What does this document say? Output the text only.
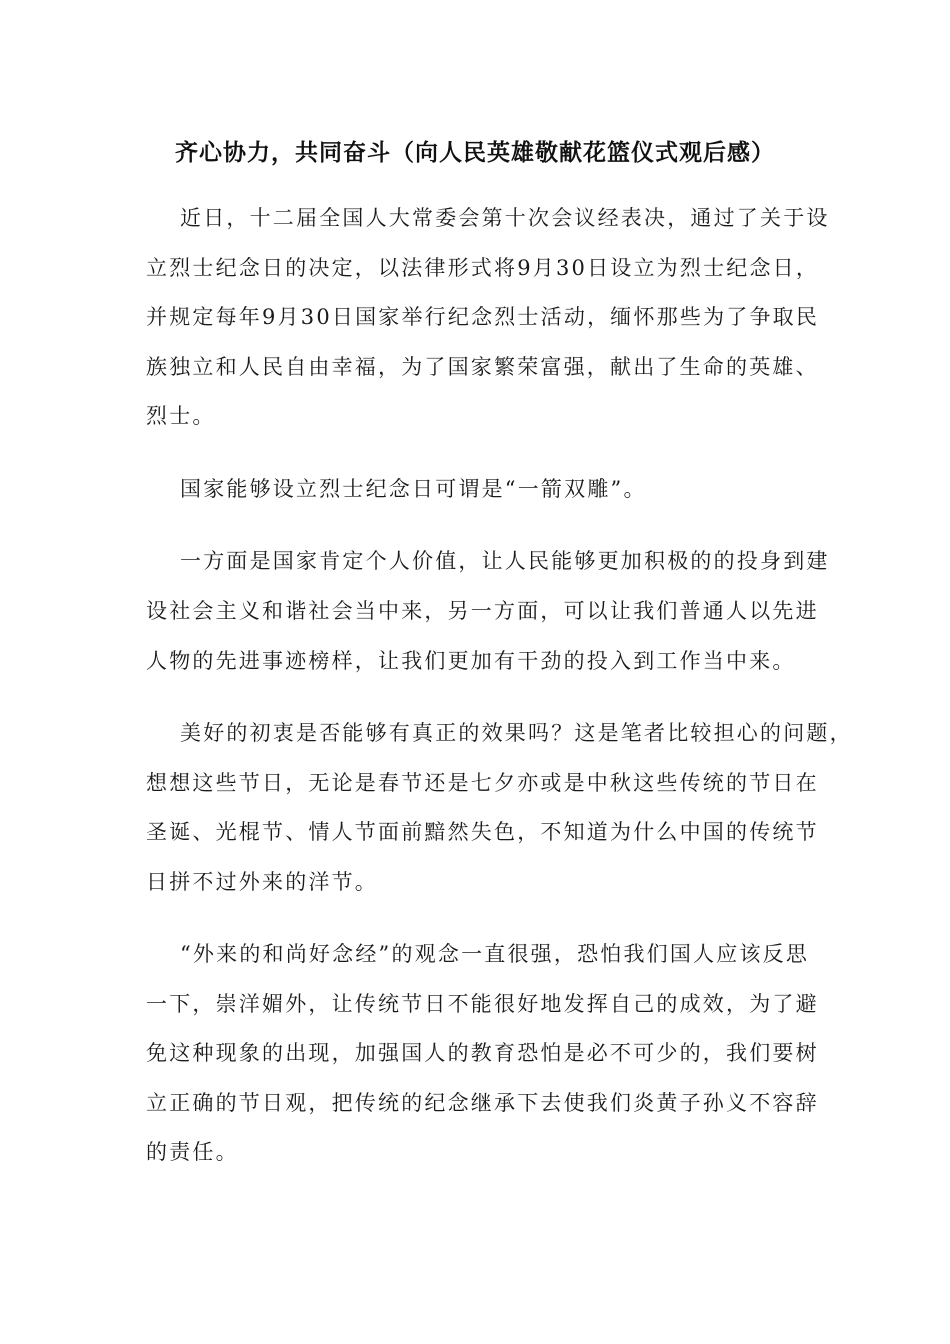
齐心协力，共同奋斗（向人民英雄敬献花篮仪式观后感）
近日，十二届全国人大常委会第十次会议经表决，通过了关于设
立烈士纪念日的决定，以法律形式将9月30日设立为烈士纪念日，
并规定每年9月30日国家举行纪念烈士活动，缅怀那些为了争取民
族独立和人民自由幸福，为了国家繁荣富强，献出了生命的英雄、
烈士。
国家能够设立烈士纪念日可谓是“一箭双雕”。
一方面是国家肯定个人价值，让人民能够更加积极的的投身到建
设社会主义和谐社会当中来，另一方面，可以让我们普通人以先进
人物的先进事迹榜样，让我们更加有干劲的投入到工作当中来。
美好的初衷是否能够有真正的效果吗？这是笔者比较担心的问题，
想想这些节日，无论是春节还是七夕亦或是中秋这些传统的节日在
圣诞、光棍节、情人节面前黯然失色，不知道为什么中国的传统节
日拼不过外来的洋节。
“外来的和尚好念经”的观念一直很强，恐怕我们国人应该反思
一下，崇洋媚外，让传统节日不能很好地发挥自己的成效，为了避
免这种现象的出现，加强国人的教育恐怕是必不可少的，我们要树
立正确的节日观，把传统的纪念继承下去使我们炎黄子孙义不容辞
的责任。
